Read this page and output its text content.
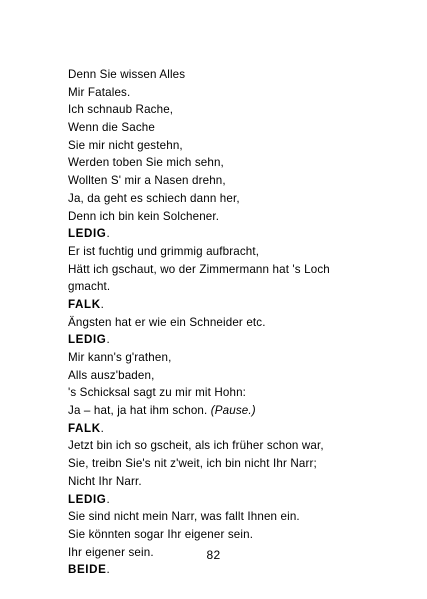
Denn Sie wissen Alles
Mir Fatales.
Ich schnaub Rache,
Wenn die Sache
Sie mir nicht gestehn,
Werden toben Sie mich sehn,
Wollten S' mir a Nasen drehn,
Ja, da geht es schiech dann her,
Denn ich bin kein Solchener.
LEDIG.
Er ist fuchtig und grimmig aufbracht,
Hätt ich gschaut, wo der Zimmermann hat 's Loch
gmacht.
FALK.
Ängsten hat er wie ein Schneider etc.
LEDIG.
Mir kann's g'rathen,
Alls ausz'baden,
's Schicksal sagt zu mir mit Hohn:
Ja – hat, ja hat ihm schon. (Pause.)
FALK.
Jetzt bin ich so gscheit, als ich früher schon war,
Sie, treibn Sie's nit z'weit, ich bin nicht Ihr Narr;
Nicht Ihr Narr.
LEDIG.
Sie sind nicht mein Narr, was fallt Ihnen ein.
Sie könnten sogar Ihr eigener sein.
Ihr eigener sein.
BEIDE.
82
